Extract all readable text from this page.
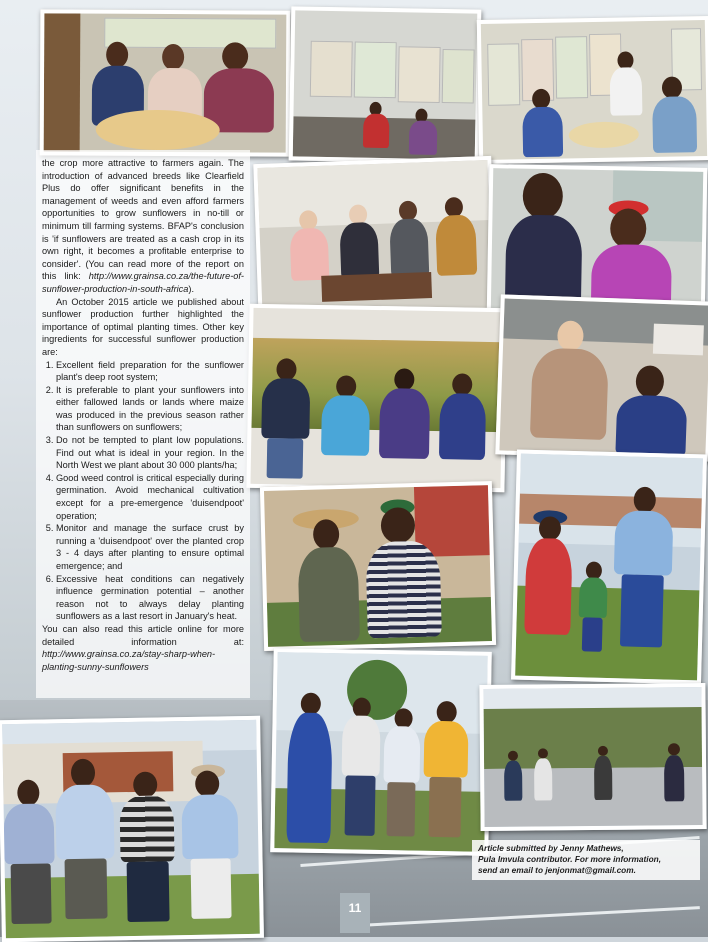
the crop more attractive to farmers again. The introduction of advanced breeds like Clearfield Plus do offer significant benefits in the management of weeds and even afford farmers opportunities to grow sunflowers in no-till or minimum till farming systems. BFAP's conclusion is 'if sunflowers are treated as a cash crop in its own right, it becomes a profitable enterprise to consider'. (You can read more of the report on this link: http://www.grainsa.co.za/the-future-of-sunflower-production-in-south-africa).

An October 2015 article we published about sunflower production further highlighted the importance of optimal planting times. Other key ingredients for successful sunflower production are:

1. Excellent field preparation for the sunflower plant's deep root system;
2. It is preferable to plant your sunflowers into either fallowed lands or lands where maize was produced in the previous season rather than sunflowers on sunflowers;
3. Do not be tempted to plant low populations. Find out what is ideal in your region. In the North West we plant about 30 000 plants/ha;
4. Good weed control is critical especially during germination. Avoid mechanical cultivation except for a pre-emergence 'duisendpoot' operation;
5. Monitor and manage the surface crust by running a 'duisendpoot' over the planted crop 3 - 4 days after planting to ensure optimal emergence; and
6. Excessive heat conditions can negatively influence germination potential – another reason not to always delay planting sunflowers as a last resort in January's heat.

You can also read this article online for more detailed information at: http://www.grainsa.co.za/stay-sharp-when-planting-sunny-sunflowers

Article submitted by Jenny Mathews,
Pula Imvula contributor. For more information,
send an email to jenjonmat@gmail.com.
11
